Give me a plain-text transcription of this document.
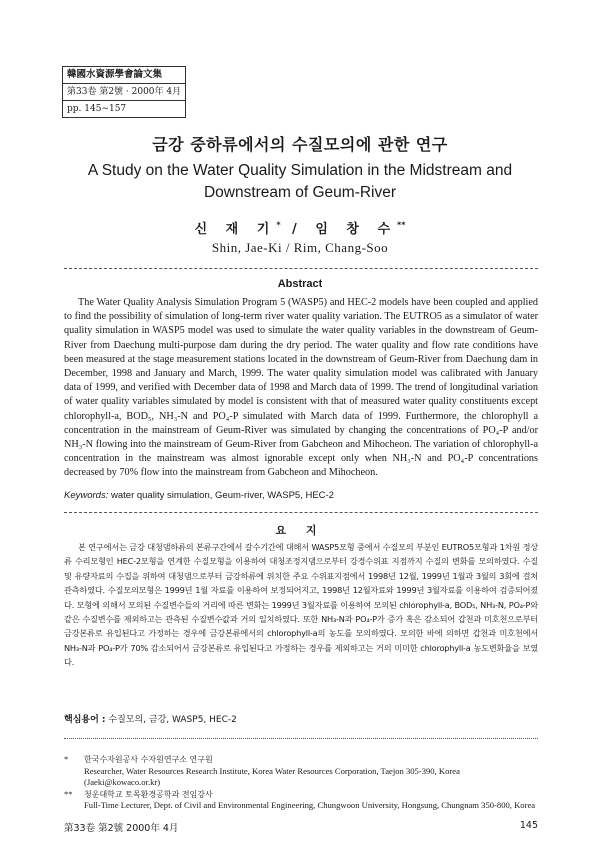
韓國水資源學會論文集
第33卷 第2號 · 2000年 4月
pp. 145∼157
금강 중하류에서의 수질모의에 관한 연구
A Study on the Water Quality Simulation in the Midstream and
Downstream of Geum-River
신 재 기* / 임 창 수**
Shin, Jae-Ki / Rim, Chang-Soo
Abstract

The Water Quality Analysis Simulation Program 5 (WASP5) and HEC-2 models have been coupled and applied to find the possibility of simulation of long-term river water quality variation. The EUTRO5 as a simulator of water quality simulation in WASP5 model was used to simulate the water quality variables in the downstream of Geum-River from Daechung multi-purpose dam during the dry period. The water quality and flow rate conditions have been measured at the stage measurement stations located in the downstream of Geum-River from Daechung dam in December, 1998 and January and March, 1999. The water quality simulation model was calibrated with January data of 1999, and verified with December data of 1998 and March data of 1999. The trend of longitudinal variation of water quality variables simulated by model is consistent with that of measured water quality constituents except chlorophyll-a, BOD₅, NH₃-N and PO₄-P simulated with March data of 1999. Furthermore, the chlorophyll a concentration in the mainstream of Geum-River was simulated by changing the concentrations of PO₄-P and/or NH₃-N flowing into the mainstream of Geum-River from Gabcheon and Mihocheon. The variation of chlorophyll-a concentration in the mainstream was almost ignorable except only when NH₃-N and PO₄-P concentrations decreased by 70% flow into the mainstream from Gabcheon and Mihocheon.

Keywords: water quality simulation, Geum-river, WASP5, HEC-2
요 지

본 연구에서는 금강 대청댐하류의 본류구간에서 갈수기간에 대해서 WASP5모형 중에서 수질모의 부분인 EUTRO5모형과 1차원 정상류 수리모형인 HEC-2모형을 연계한 수질모형을 이용하여 대청조정지댐으로부터 강경수위표 지점까지 수질의 변화를 모의하였다. 수질 및 유량자료의 수집을 위하여 대청댐으로부터 금강하류에 위치한 주요 수위표지점에서 1998년 12월, 1999년 1월과 3월의 3회에 걸쳐 관측하였다. 수질모의모형은 1999년 1월 자료를 이용하여 보정되어지고, 1998년 12월자료와 1999년 3월자료를 이용하여 검증되어졌다. 모형에 의해서 모의된 수질변수들의 거리에 따른 변화는 1999년 3월자료를 이용하여 모의된 chlorophyll-a, BOD₅, NH₃-N, PO₄-P와 같은 수질변수를 제외하고는 관측된 수질변수값과 거의 일치하였다. 또한 NH₃-N과 PO₄-P가 증가 혹은 감소되어 갑천과 미호천으로부터 금강본류로 유입된다고 가정하는 경우에 금강본류에서의 chlorophyll-a의 농도를 모의하였다. 모의한 바에 의하면 갑천과 미호천에서 NH₃-N과 PO₄-P가 70% 감소되어서 금강본류로 유입된다고 가정하는 경우를 제외하고는 거의 미미한 chlorophyll-a 농도변화율을 보였다.

핵심용어 : 수질모의, 금강, WASP5, HEC-2
* 한국수자원공사 수자원연구소 연구원
Researcher, Water Resources Research Institute, Korea Water Resources Corporation, Taejon 305-390, Korea (Jaeki@kowaco.or.kr)
** 청운대학교 토목환경공학과 전임강사
Full-Time Lecturer, Dept. of Civil and Environmental Engineering, Chungwoon University, Hongsung, Chungnam 350-800, Korea
第33卷 第2號 2000年 4月	145
